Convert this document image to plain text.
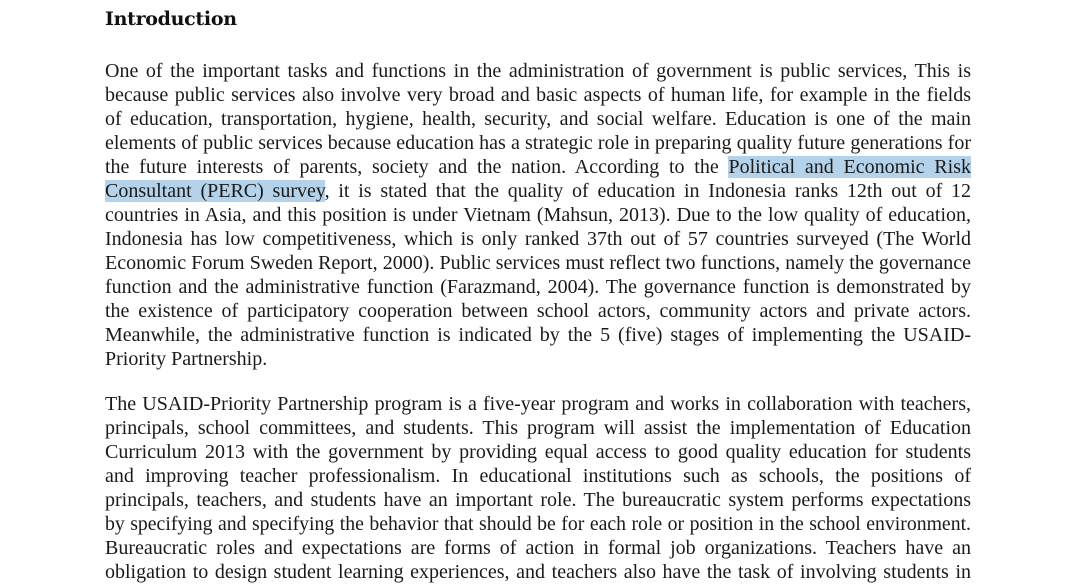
Introduction
One of the important tasks and functions in the administration of government is public services, This is
because public services also involve very broad and basic aspects of human life, for example in the fields
of education, transportation, hygiene, health, security, and social welfare. Education is one of the main
elements of public services because education has a strategic role in preparing quality future generations for
the future interests of parents, society and the nation. According to the Political and Economic Risk
Consultant (PERC) survey, it is stated that the quality of education in Indonesia ranks 12th out of 12
countries in Asia, and this position is under Vietnam (Mahsun, 2013). Due to the low quality of education,
Indonesia has low competitiveness, which is only ranked 37th out of 57 countries surveyed (The World
Economic Forum Sweden Report, 2000). Public services must reflect two functions, namely the governance
function and the administrative function (Farazmand, 2004). The governance function is demonstrated by
the existence of participatory cooperation between school actors, community actors and private actors.
Meanwhile, the administrative function is indicated by the 5 (five) stages of implementing the USAID-
Priority Partnership.
The USAID-Priority Partnership program is a five-year program and works in collaboration with teachers,
principals, school committees, and students. This program will assist the implementation of Education
Curriculum 2013 with the government by providing equal access to good quality education for students
and improving teacher professionalism. In educational institutions such as schools, the positions of
principals, teachers, and students have an important role. The bureaucratic system performs expectations
by specifying and specifying the behavior that should be for each role or position in the school environment.
Bureaucratic roles and expectations are forms of action in formal job organizations. Teachers have an
obligation to design student learning experiences, and teachers also have the task of involving students in
